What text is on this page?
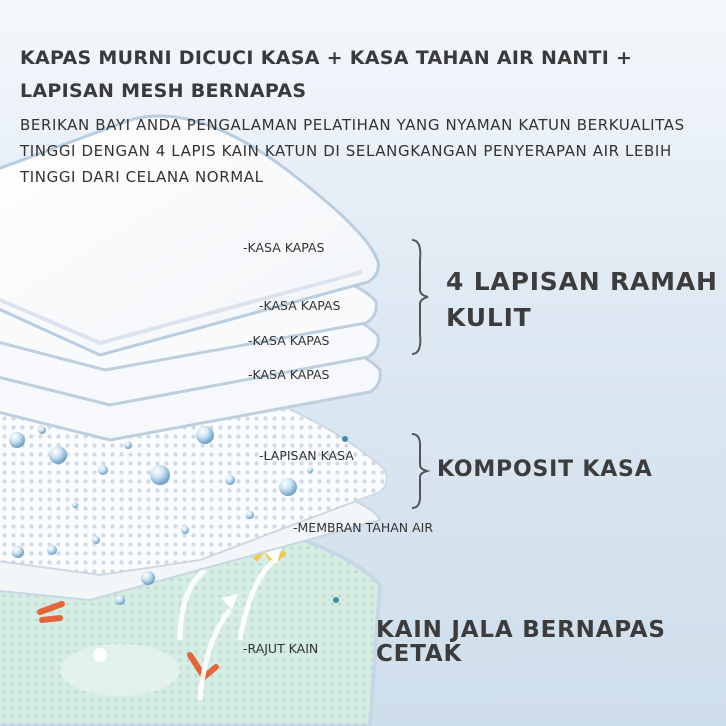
KAPAS MURNI DICUCI KASA + KASA TAHAN AIR NANTI + LAPISAN MESH BERNAPAS
BERIKAN BAYI ANDA PENGALAMAN PELATIHAN YANG NYAMAN KATUN BERKUALITAS TINGGI DENGAN 4 LAPIS KAIN KATUN DI SELANGKANGAN PENYERAPAN AIR LEBIH TINGGI DARI CELANA NORMAL
-KASA KAPAS
-KASA KAPAS
-KASA KAPAS
-KASA KAPAS
-LAPISAN KASA
-MEMBRAN TAHAN AIR
-RAJUT KAIN
4 LAPISAN RAMAH
KULIT
KOMPOSIT KASA
KAIN JALA BERNAPAS
CETAK
